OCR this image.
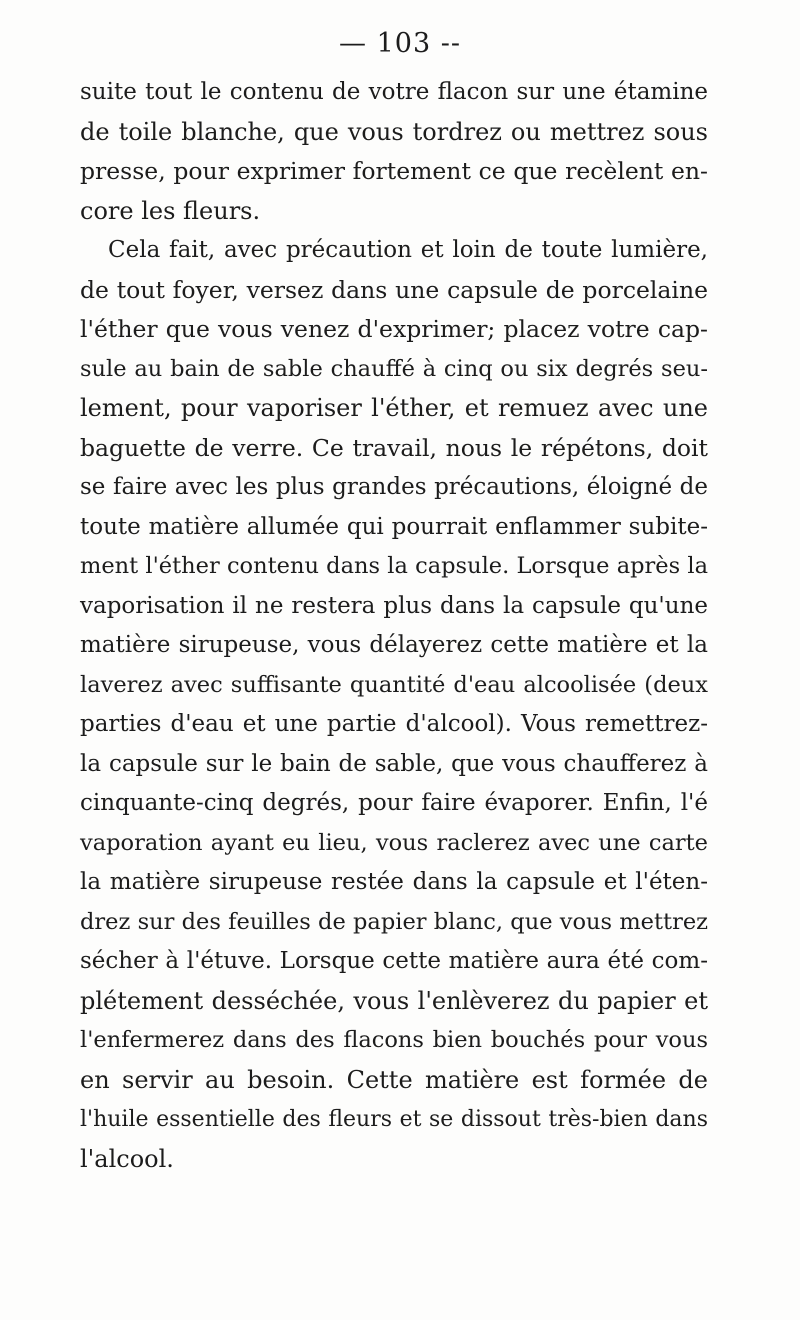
— 103 --
suite tout le contenu de votre flacon sur une étamine
de toile blanche, que vous tordrez ou mettrez sous
presse, pour exprimer fortement ce que recèlent en-
core les fleurs.
Cela fait, avec précaution et loin de toute lumière,
de tout foyer, versez dans une capsule de porcelaine
l'éther que vous venez d'exprimer; placez votre cap-
sule au bain de sable chauffé à cinq ou six degrés seu-
lement, pour vaporiser l'éther, et remuez avec une
baguette de verre. Ce travail, nous le répétons, doit
se faire avec les plus grandes précautions, éloigné de
toute matière allumée qui pourrait enflammer subite-
ment l'éther contenu dans la capsule. Lorsque après la
vaporisation il ne restera plus dans la capsule qu'une
matière sirupeuse, vous délayerez cette matière et la
laverez avec suffisante quantité d'eau alcoolisée (deux
parties d'eau et une partie d'alcool). Vous remettrez-
la capsule sur le bain de sable, que vous chaufferez à
cinquante-cinq degrés, pour faire évaporer. Enfin, l'é
vaporation ayant eu lieu, vous raclerez avec une carte
la matière sirupeuse restée dans la capsule et l'éten-
drez sur des feuilles de papier blanc, que vous mettrez
sécher à l'étuve. Lorsque cette matière aura été com-
plétement desséchée, vous l'enlèverez du papier et
l'enfermerez dans des flacons bien bouchés pour vous
en servir au besoin. Cette matière est formée de
l'huile essentielle des fleurs et se dissout très-bien dans
l'alcool.
